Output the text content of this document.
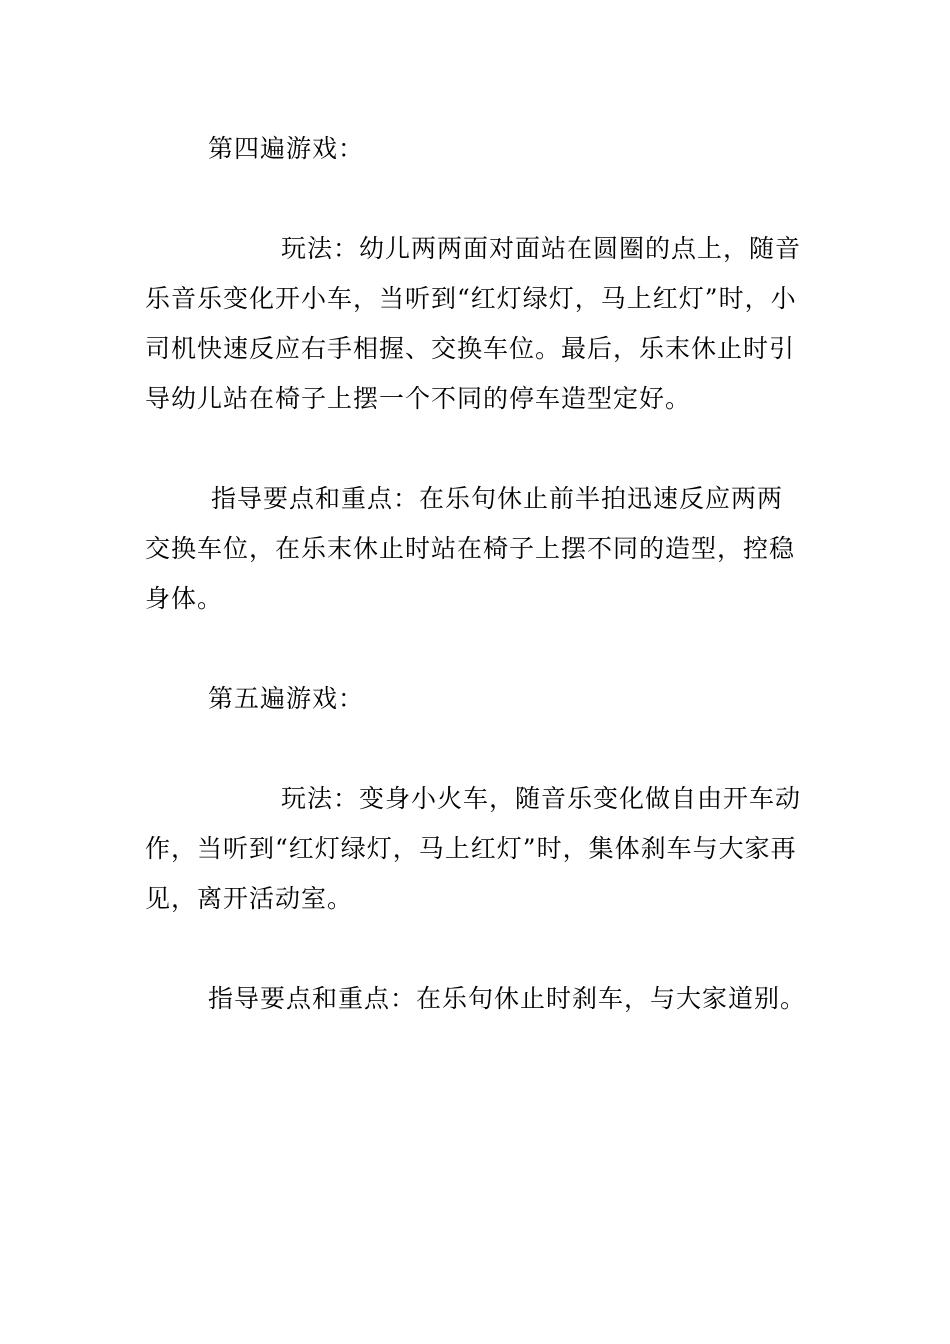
第四遍游戏：

玩法：幼儿两两面对面站在圆圈的点上，随音乐音乐变化开小车，当听到“红灯绿灯，马上红灯”时，小司机快速反应右手相握、交换车位。最后，乐末休止时引导幼儿站在椅子上摆一个不同的停车造型定好。

指导要点和重点：在乐句休止前半拍迅速反应两两交换车位，在乐末休止时站在椅子上摆不同的造型，控稳身体。

第五遍游戏：

玩法：变身小火车，随音乐变化做自由开车动作，当听到“红灯绿灯，马上红灯”时，集体刹车与大家再见，离开活动室。

指导要点和重点：在乐句休止时刹车，与大家道别。
